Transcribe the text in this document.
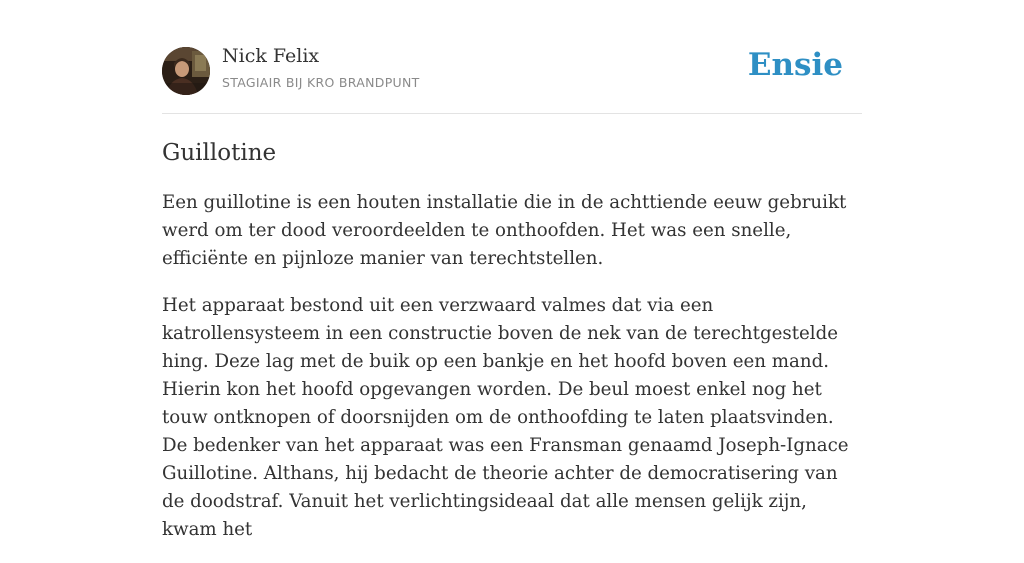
Nick Felix
STAGIAIR BIJ KRO BRANDPUNT	Ensie
Guillotine

Een guillotine is een houten installatie die in de achttiende eeuw gebruikt werd om ter dood veroordeelden te onthoofden. Het was een snelle, efficiënte en pijnloze manier van terechtstellen.

Het apparaat bestond uit een verzwaard valmes dat via een katrollensysteem in een constructie boven de nek van de terechtgestelde hing. Deze lag met de buik op een bankje en het hoofd boven een mand. Hierin kon het hoofd opgevangen worden. De beul moest enkel nog het touw ontknopen of doorsnijden om de onthoofding te laten plaatsvinden.

De bedenker van het apparaat was een Fransman genaamd Joseph-Ignace Guillotine. Althans, hij bedacht de theorie achter de democratisering van de doodstraf. Vanuit het verlichtingsideaal dat alle mensen gelijk zijn, kwam het
